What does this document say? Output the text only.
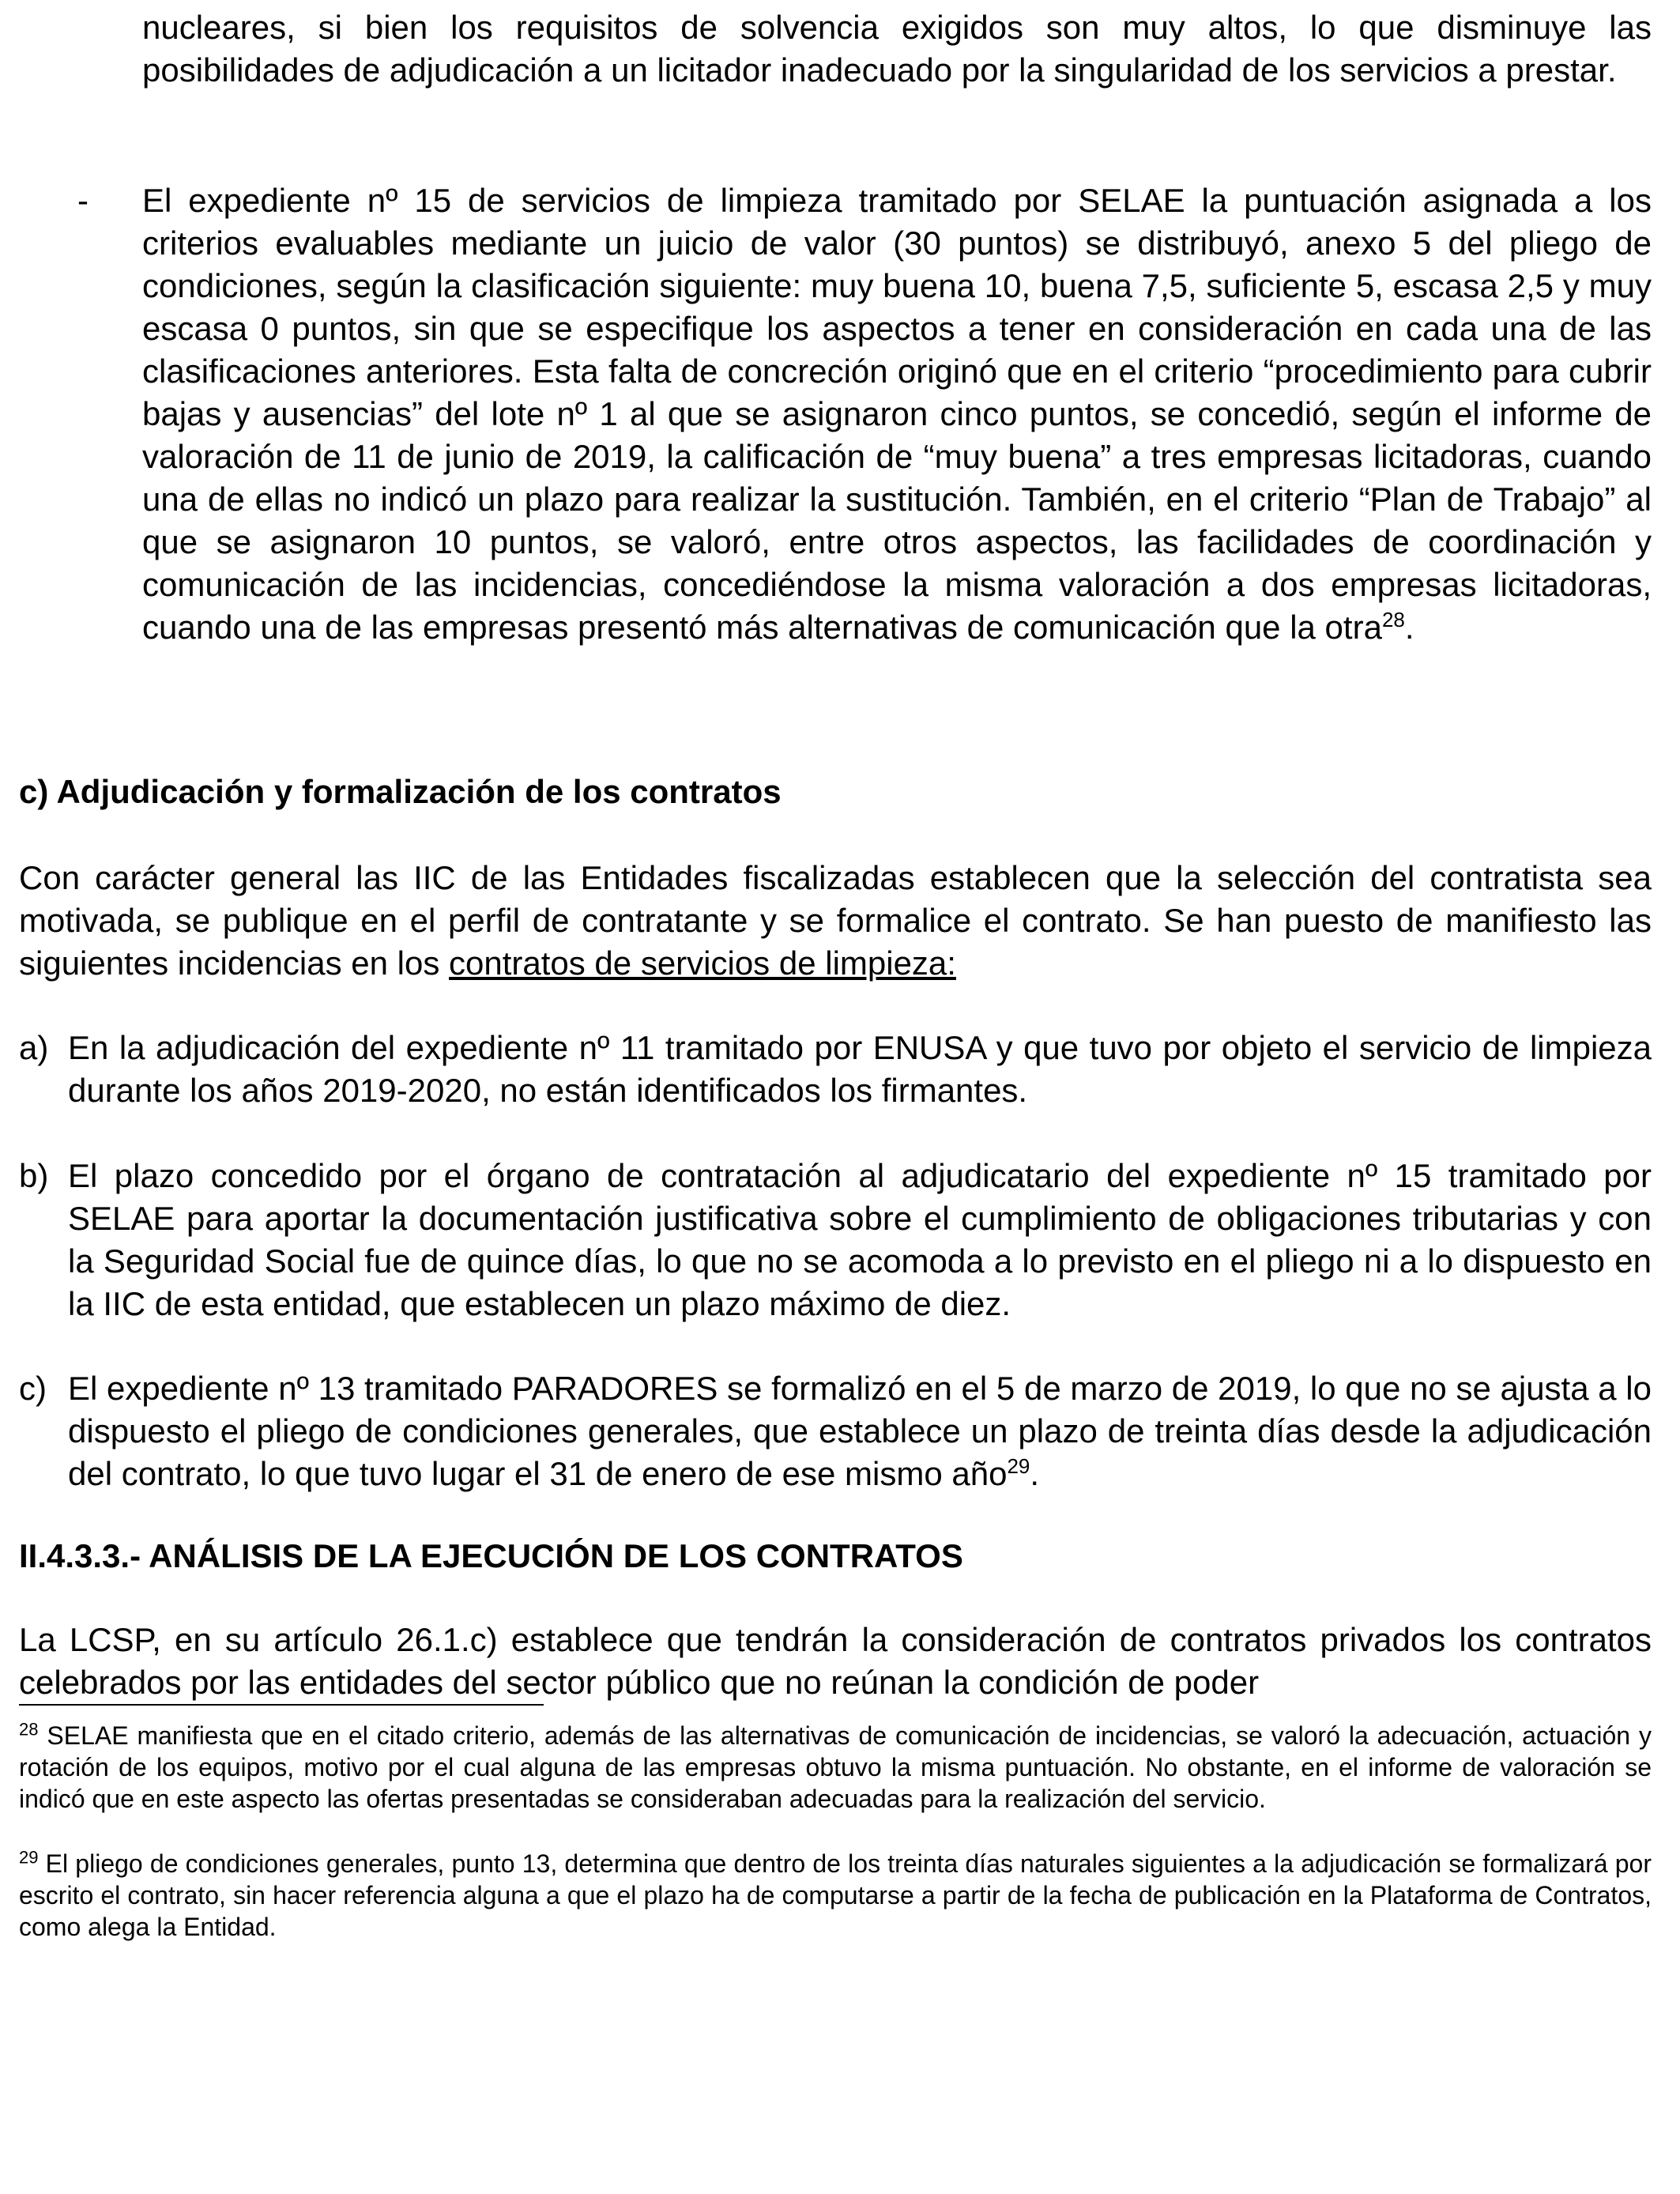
nucleares, si bien los requisitos de solvencia exigidos son muy altos, lo que disminuye las posibilidades de adjudicación a un licitador inadecuado por la singularidad de los servicios a prestar.
- El expediente nº 15 de servicios de limpieza tramitado por SELAE la puntuación asignada a los criterios evaluables mediante un juicio de valor (30 puntos) se distribuyó, anexo 5 del pliego de condiciones, según la clasificación siguiente: muy buena 10, buena 7,5, suficiente 5, escasa 2,5 y muy escasa 0 puntos, sin que se especifique los aspectos a tener en consideración en cada una de las clasificaciones anteriores. Esta falta de concreción originó que en el criterio “procedimiento para cubrir bajas y ausencias” del lote nº 1 al que se asignaron cinco puntos, se concedió, según el informe de valoración de 11 de junio de 2019, la calificación de “muy buena” a tres empresas licitadoras, cuando una de ellas no indicó un plazo para realizar la sustitución. También, en el criterio “Plan de Trabajo” al que se asignaron 10 puntos, se valoró, entre otros aspectos, las facilidades de coordinación y comunicación de las incidencias, concediéndose la misma valoración a dos empresas licitadoras, cuando una de las empresas presentó más alternativas de comunicación que la otra$^{28}$.
c) Adjudicación y formalización de los contratos
Con carácter general las IIC de las Entidades fiscalizadas establecen que la selección del contratista sea motivada, se publique en el perfil de contratante y se formalice el contrato. Se han puesto de manifiesto las siguientes incidencias en los contratos de servicios de limpieza:
a) En la adjudicación del expediente nº 11 tramitado por ENUSA y que tuvo por objeto el servicio de limpieza durante los años 2019-2020, no están identificados los firmantes.
b) El plazo concedido por el órgano de contratación al adjudicatario del expediente nº 15 tramitado por SELAE para aportar la documentación justificativa sobre el cumplimiento de obligaciones tributarias y con la Seguridad Social fue de quince días, lo que no se acomoda a lo previsto en el pliego ni a lo dispuesto en la IIC de esta entidad, que establecen un plazo máximo de diez.
c) El expediente nº 13 tramitado PARADORES se formalizó en el 5 de marzo de 2019, lo que no se ajusta a lo dispuesto el pliego de condiciones generales, que establece un plazo de treinta días desde la adjudicación del contrato, lo que tuvo lugar el 31 de enero de ese mismo año$^{29}$.
II.4.3.3.- ANÁLISIS DE LA EJECUCIÓN DE LOS CONTRATOS
La LCSP, en su artículo 26.1.c) establece que tendrán la consideración de contratos privados los contratos celebrados por las entidades del sector público que no reúnan la condición de poder
$^{28}$ SELAE manifiesta que en el citado criterio, además de las alternativas de comunicación de incidencias, se valoró la adecuación, actuación y rotación de los equipos, motivo por el cual alguna de las empresas obtuvo la misma puntuación. No obstante, en el informe de valoración se indicó que en este aspecto las ofertas presentadas se consideraban adecuadas para la realización del servicio.
$^{29}$ El pliego de condiciones generales, punto 13, determina que dentro de los treinta días naturales siguientes a la adjudicación se formalizará por escrito el contrato, sin hacer referencia alguna a que el plazo ha de computarse a partir de la fecha de publicación en la Plataforma de Contratos, como alega la Entidad.
